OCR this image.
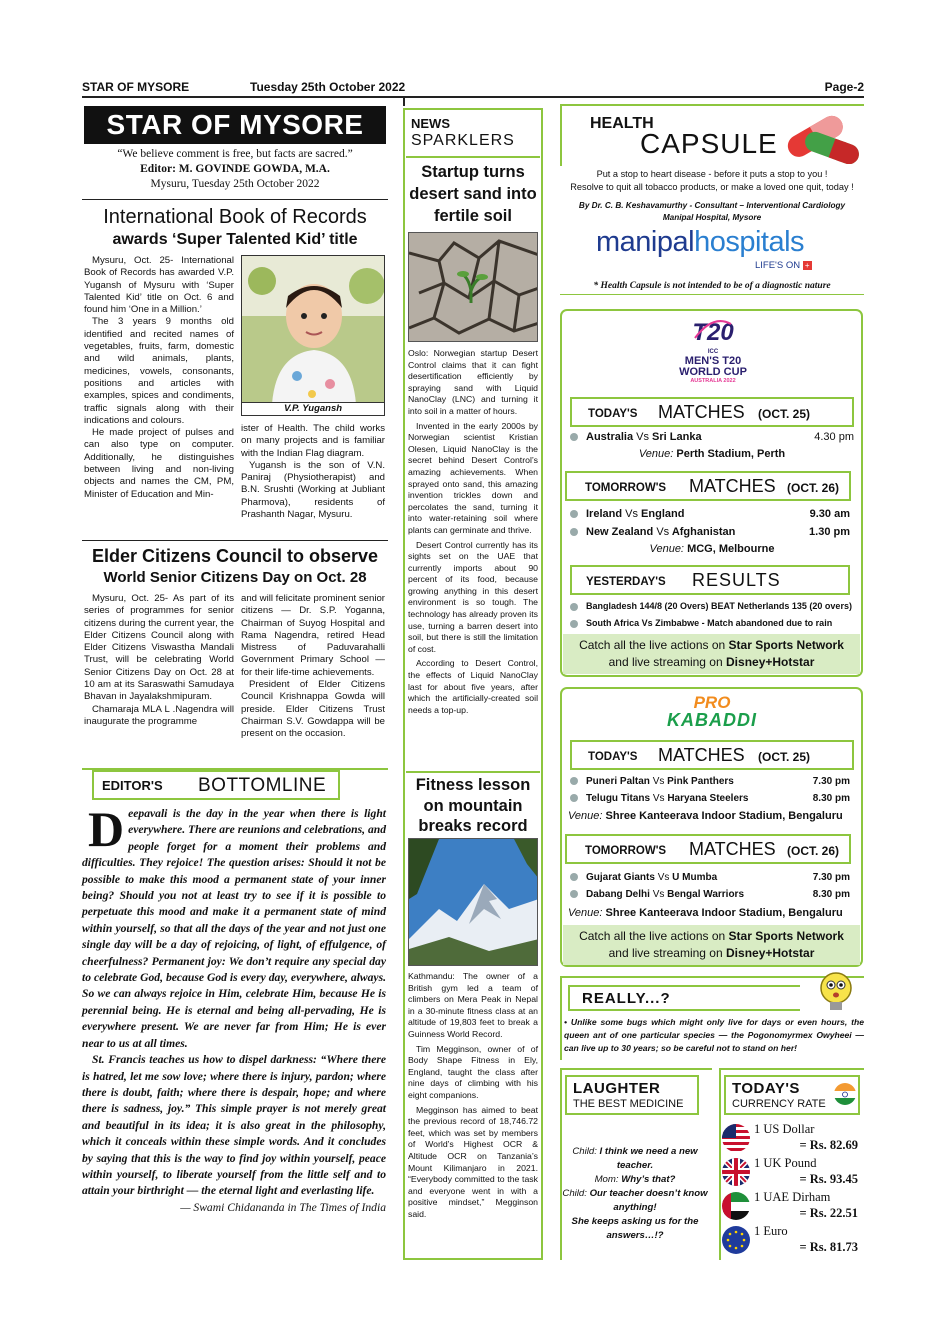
STAR OF MYSORE	Tuesday 25th October 2022	Page-2
STAR OF MYSORE
“We believe comment is free, but facts are sacred.”
Editor: M. GOVINDE GOWDA, M.A.
Mysuru, Tuesday 25th October 2022
International Book of Records
awards ‘Super Talented Kid’ title

Mysuru, Oct. 25- International Book of Records has awarded V.P. Yugansh of Mysuru with ‘Super Talented Kid’ title on Oct. 6 and found him ‘One in a Million.’

The 3 years 9 months old identified and recited names of vegetables, fruits, farm, domestic and wild animals, plants, medicines, vowels, consonants, positions and articles with examples, spices and condiments, traffic signals along with their indications and colours.

He made project of pulses and can also type on computer. Additionally, he distinguishes between living and non-living objects and names the CM, PM, Minister of Education and Min-

V.P. Yugansh

ister of Health. The child works on many projects and is familiar with the Indian Flag diagram.

Yugansh is the son of V.N. Paniraj (Physiotherapist) and B.N. Srushti (Working at Jubliant Pharmova), residents of Prashanth Nagar, Mysuru.

Elder Citizens Council to observe
World Senior Citizens Day on Oct. 28

Mysuru, Oct. 25- As part of its series of programmes for senior citizens during the current year, the Elder Citizens Council along with Elder Citizens Viswastha Mandali Trust, will be celebrating World Senior Citizens Day on Oct. 28 at 10 am at its Saraswathi Samudaya Bhavan in Jayalakshmipuram.

Chamaraja MLA L .Nagendra will inaugurate the programme

and will felicitate prominent senior citizens — Dr. S.P. Yoganna, Chairman of Suyog Hospital and Rama Nagendra, retired Head Mistress of Paduvarahalli Government Primary School — for their life-time achievements.

President of Elder Citizens Council Krishnappa Gowda will preside. Elder Citizens Trust Chairman S.V. Gowdappa will be present on the occasion.

EDITOR'S BOTTOMLINE
D eepavali is the day in the year when there is light everywhere. There are reunions and celebrations, and people forget for a moment their problems and difficulties. They rejoice! The question arises: Should it not be possible to make this mood a permanent state of your inner being? Should you not at least try to see if it is possible to perpetuate this mood and make it a permanent state of mind within yourself, so that all the days of the year and not just one single day will be a day of rejoicing, of light, of effulgence, of cheerfulness? Permanent joy: We don’t require any special day to celebrate God, because God is every day, everywhere, always. So we can always rejoice in Him, celebrate Him, because He is perennial being. He is eternal and being all-pervading, He is everywhere present. We are never far from Him; He is ever near to us at all times.

St. Francis teaches us how to dispel darkness: “Where there is hatred, let me sow love; where there is injury, pardon; where there is doubt, faith; where there is despair, hope; and where there is sadness, joy.” This simple prayer is not merely great and beautiful in its idea; it is also great in the philosophy, which it conceals within these simple words. And it concludes by saying that this is the way to find joy within yourself, peace within yourself, to liberate yourself from the little self and to attain your birthright — the eternal light and everlasting life.

— Swami Chidananda in The Times of India

NEWS
SPARKLERS
Startup turns desert sand into fertile soil

Oslo: Norwegian startup Desert Control claims that it can fight desertification efficiently by spraying sand with Liquid NanoClay (LNC) and turning it into soil in a matter of hours.

Invented in the early 2000s by Norwegian scientist Kristian Olesen, Liquid NanoClay is the secret behind Desert Control’s amazing achievements. When sprayed onto sand, this amazing invention trickles down and percolates the sand, turning it into water-retaining soil where plants can germinate and thrive.

Desert Control currently has its sights set on the UAE that currently imports about 90 percent of its food, because growing anything in this desert environment is so tough. The technology has already proven its use, turning a barren desert into soil, but there is still the limitation of cost.

According to Desert Control, the effects of Liquid NanoClay last for about five years, after which the artificially-created soil needs a top-up.

Fitness lesson on mountain breaks record

Kathmandu: The owner of a British gym led a team of climbers on Mera Peak in Nepal in a 30-minute fitness class at an altitude of 19,803 feet to break a Guinness World Record.

Tim Megginson, owner of of Body Shape Fitness in Ely, England, taught the class after nine days of climbing with his eight companions.

Megginson has aimed to beat the previous record of 18,746.72 feet, which was set by members of World’s Highest OCR & Altitude OCR on Tanzania’s Mount Kilimanjaro in 2021. “Everybody committed to the task and everyone went in with a positive mindset,” Megginson said.

HEALTH
CAPSULE
Put a stop to heart disease - before it puts a stop to you !
Resolve to quit all tobacco products, or make a loved one quit, today !
By Dr. C. B. Keshavamurthy - Consultant – Interventional Cardiology
Manipal Hospital, Mysore
manipalhospitals
LIFE'S ON +
* Health Capsule is not intended to be of a diagnostic nature
T20
ICC
MEN'S T20
WORLD CUP
AUSTRALIA 2022
TODAY'S MATCHES (OCT. 25)
Australia Vs Sri Lanka	4.30 pm
Venue: Perth Stadium, Perth
TOMORROW'S MATCHES (OCT. 26)
Ireland Vs England	9.30 am
New Zealand Vs Afghanistan	1.30 pm
Venue: MCG, Melbourne
YESTERDAY'S RESULTS
Bangladesh 144/8 (20 Overs) BEAT Netherlands 135 (20 overs)
South Africa Vs Zimbabwe - Match abandoned due to rain
Catch all the live actions on Star Sports Network
and live streaming on Disney+Hotstar
PRO
KABADDI
TODAY'S MATCHES (OCT. 25)
Puneri Paltan Vs Pink Panthers	7.30 pm
Telugu Titans Vs Haryana Steelers	8.30 pm
Venue: Shree Kanteerava Indoor Stadium, Bengaluru
TOMORROW'S MATCHES (OCT. 26)
Gujarat Giants Vs U Mumba	7.30 pm
Dabang Delhi Vs Bengal Warriors	8.30 pm
Venue: Shree Kanteerava Indoor Stadium, Bengaluru
Catch all the live actions on Star Sports Network
and live streaming on Disney+Hotstar
REALLY...?
• Unlike some bugs which might only live for days or even hours, the queen ant of one particular species — the Pogonomyrmex Owyheei — can live up to 30 years; so be careful not to stand on her!
LAUGHTER
THE BEST MEDICINE
Child: I think we need a new teacher.
Mom: Why’s that?
Child: Our teacher doesn’t know anything!
She keeps asking us for the answers…!?
TODAY'S
CURRENCY RATE
1 US Dollar
= Rs. 82.69
1 UK Pound
= Rs. 93.45
1 UAE Dirham
= Rs. 22.51
1 Euro
= Rs. 81.73
